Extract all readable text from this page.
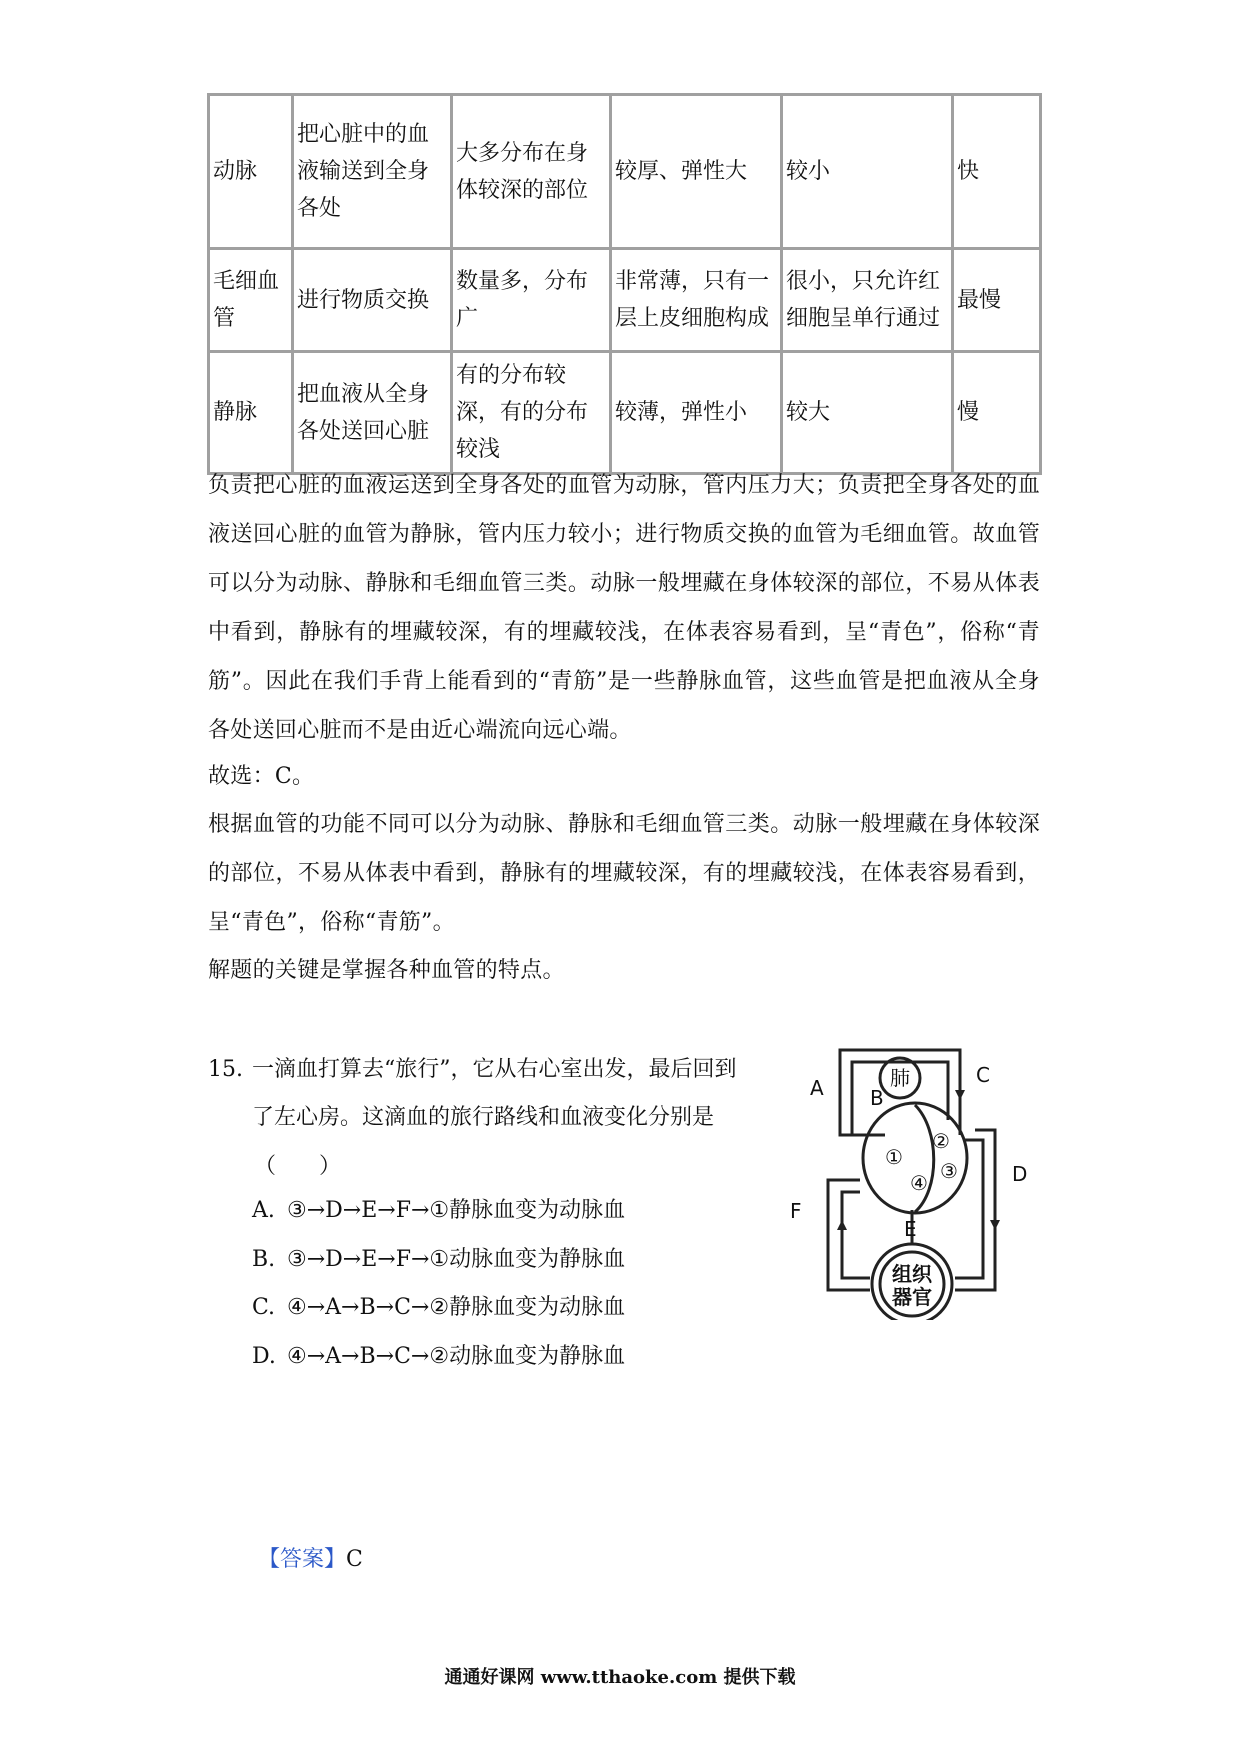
动脉	把心脏中的血液输送到全身各处	大多分布在身体较深的部位	较厚、弹性大	较小	快
毛细血管	进行物质交换	数量多，分布广	非常薄，只有一层上皮细胞构成	很小，只允许红细胞呈单行通过	最慢
静脉	把血液从全身各处送回心脏	有的分布较深，有的分布较浅	较薄，弹性小	较大	慢

负责把心脏的血液运送到全身各处的血管为动脉，管内压力大；负责把全身各处的血液送回心脏的血管为静脉，管内压力较小；进行物质交换的血管为毛细血管。故血管可以分为动脉、静脉和毛细血管三类。动脉一般埋藏在身体较深的部位，不易从体表中看到，静脉有的埋藏较深，有的埋藏较浅，在体表容易看到，呈“青色”，俗称“青筋”。因此在我们手背上能看到的“青筋”是一些静脉血管，这些血管是把血液从全身各处送回心脏而不是由近心端流向远心端。

故选：C。

根据血管的功能不同可以分为动脉、静脉和毛细血管三类。动脉一般埋藏在身体较深的部位，不易从体表中看到，静脉有的埋藏较深，有的埋藏较浅，在体表容易看到，呈“青色”，俗称“青筋”。

解题的关键是掌握各种血管的特点。

15. 一滴血打算去“旅行”，它从右心室出发，最后回到了左心房。这滴血的旅行路线和血液变化分别是
（ ）
A. ③→D→E→F→①静脉血变为动脉血
B. ③→D→E→F→①动脉血变为静脉血
C. ④→A→B→C→②静脉血变为动脉血
D. ④→A→B→C→②动脉血变为静脉血
肺
A B
C
D
E
F
①
②
③
④
组织
器官
【答案】C
通通好课网 www.tthaoke.com 提供下载
